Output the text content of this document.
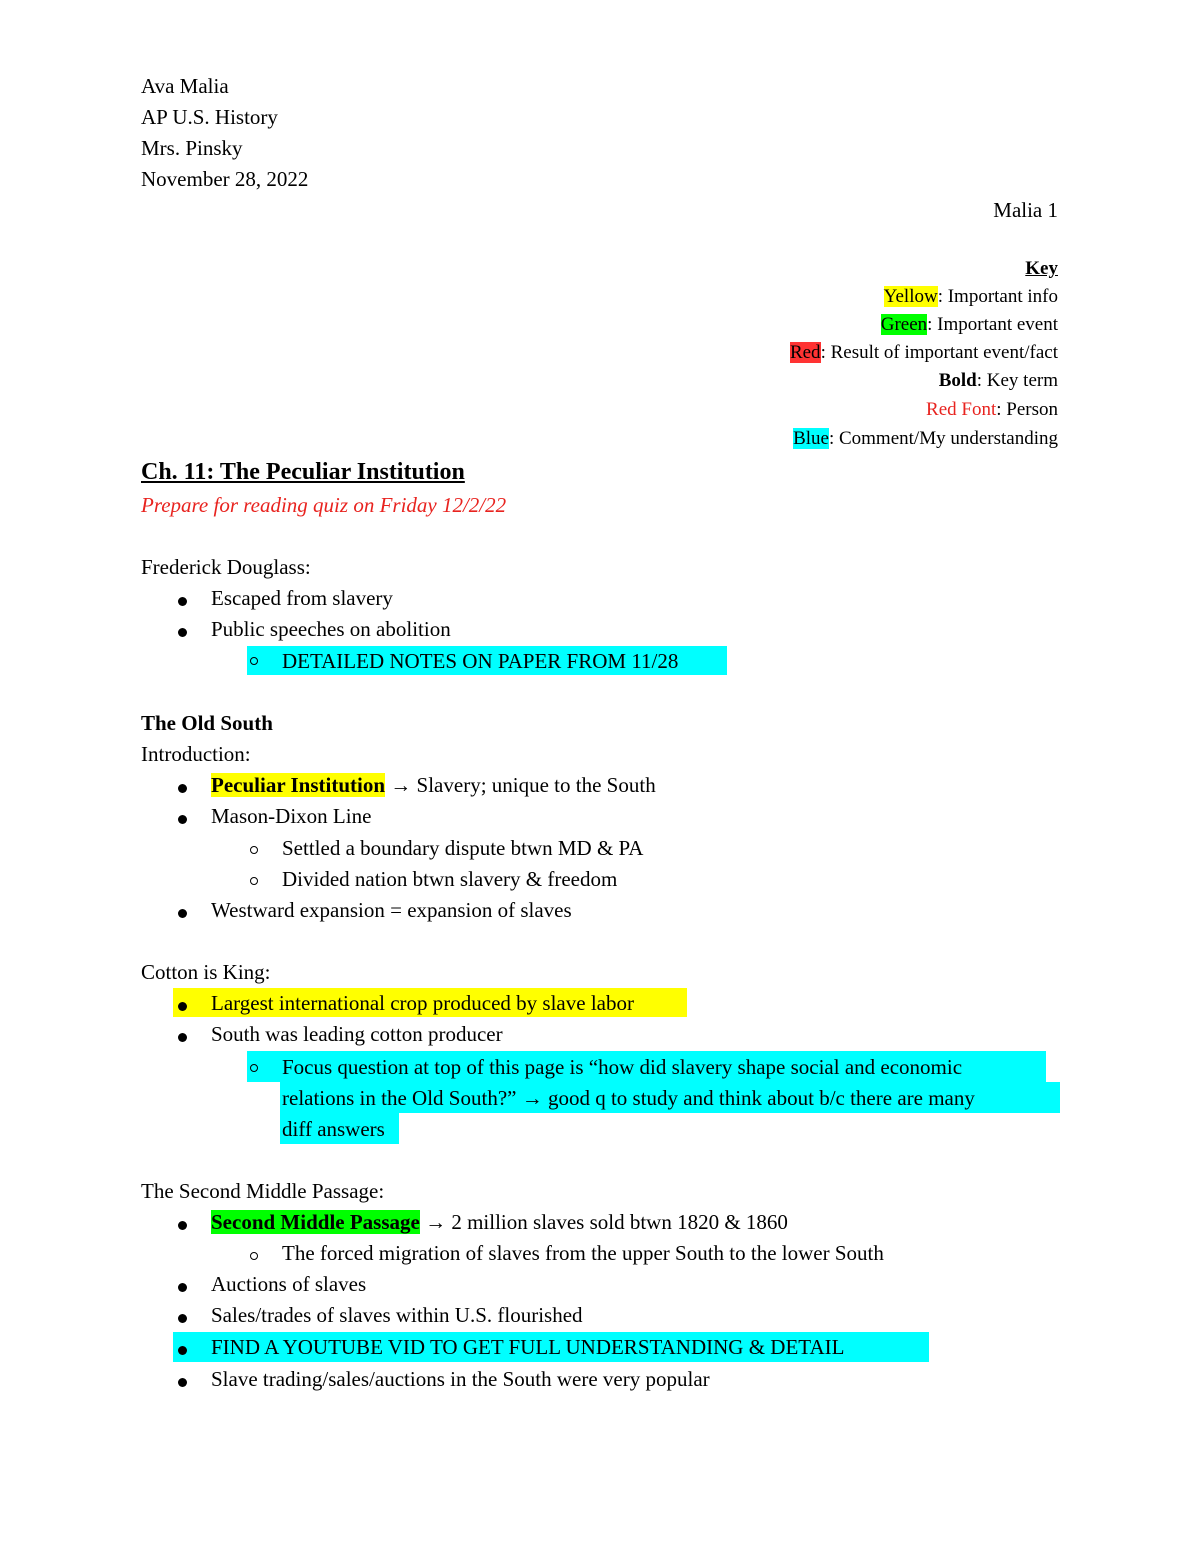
Ava Malia
AP U.S. History
Mrs. Pinsky
November 28, 2022
Malia 1
Key
Yellow: Important info
Green: Important event
Red: Result of important event/fact
Bold: Key term
Red Font: Person
Blue: Comment/My understanding
Ch. 11: The Peculiar Institution
Prepare for reading quiz on Friday 12/2/22
Frederick Douglass:
Escaped from slavery
Public speeches on abolition
DETAILED NOTES ON PAPER FROM 11/28
The Old South
Introduction:
Peculiar Institution → Slavery; unique to the South
Mason-Dixon Line
Settled a boundary dispute btwn MD & PA
Divided nation btwn slavery & freedom
Westward expansion = expansion of slaves
Cotton is King:
Largest international crop produced by slave labor
South was leading cotton producer
Focus question at top of this page is “how did slavery shape social and economic
relations in the Old South?” → good q to study and think about b/c there are many
diff answers
The Second Middle Passage:
Second Middle Passage → 2 million slaves sold btwn 1820 & 1860
The forced migration of slaves from the upper South to the lower South
Auctions of slaves
Sales/trades of slaves within U.S. flourished
FIND A YOUTUBE VID TO GET FULL UNDERSTANDING & DETAIL
Slave trading/sales/auctions in the South were very popular
